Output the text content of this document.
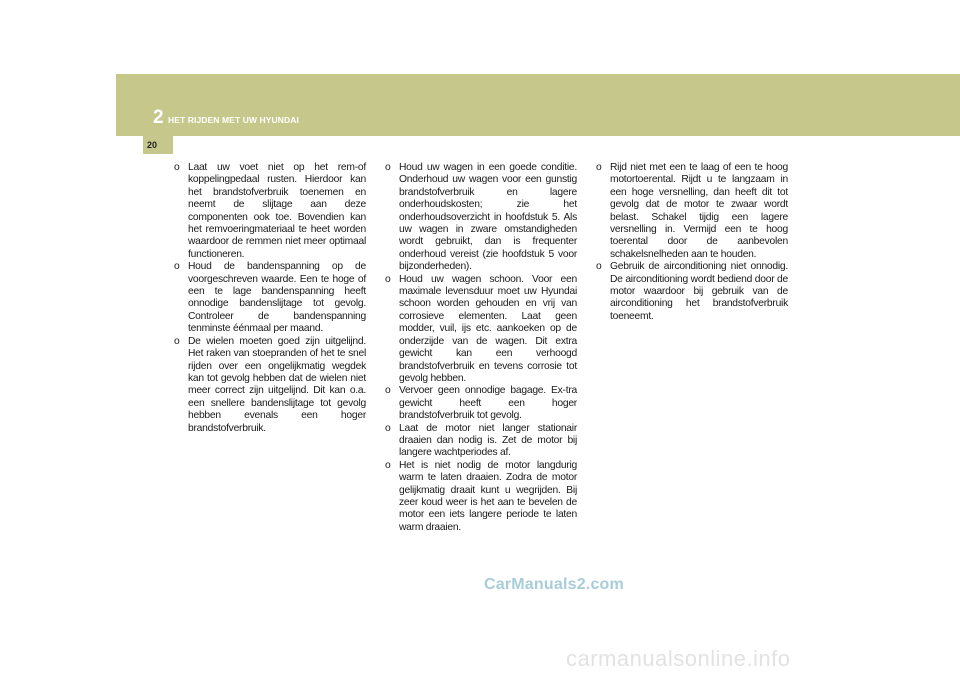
2 HET RIJDEN MET UW HYUNDAI
20
o Laat uw voet niet op het rem-of koppelingpedaal rusten. Hierdoor kan het brandstofverbruik toenemen en neemt de slijtage aan deze componenten ook toe. Bovendien kan het remvoeringmateriaal te heet worden waardoor de remmen niet meer optimaal functioneren.
o Houd de bandenspanning op de voorgeschreven waarde. Een te hoge of een te lage bandenspanning heeft onnodige bandenslijtage tot gevolg. Controleer de bandenspanning tenminste éénmaal per maand.
o De wielen moeten goed zijn uitgelijnd. Het raken van stoepranden of het te snel rijden over een ongelijkmatig wegdek kan tot gevolg hebben dat de wielen niet meer correct zijn uitgelijnd. Dit kan o.a. een snellere bandenslijtage tot gevolg hebben evenals een hoger brandstofverbruik.
o Houd uw wagen in een goede conditie. Onderhoud uw wagen voor een gunstig brandstofverbruik en lagere onderhoudskosten; zie het onderhoudsoverzicht in hoofdstuk 5. Als uw wagen in zware omstandigheden wordt gebruikt, dan is frequenter onderhoud vereist (zie hoofdstuk 5 voor bijzonderheden).
o Houd uw wagen schoon. Voor een maximale levensduur moet uw Hyundai schoon worden gehouden en vrij van corrosieve elementen. Laat geen modder, vuil, ijs etc. aankoeken op de onderzijde van de wagen. Dit extra gewicht kan een verhoogd brandstofverbruik en tevens corrosie tot gevolg hebben.
o Vervoer geen onnodige bagage. Ex-tra gewicht heeft een hoger brandstofverbruik tot gevolg.
o Laat de motor niet langer stationair draaien dan nodig is. Zet de motor bij langere wachtperiodes af.
o Het is niet nodig de motor langdurig warm te laten draaien. Zodra de motor gelijkmatig draait kunt u wegrijden. Bij zeer koud weer is het aan te bevelen de motor een iets langere periode te laten warm draaien.
o Rijd niet met een te laag of een te hoog motortoerental. Rijdt u te langzaam in een hoge versnelling, dan heeft dit tot gevolg dat de motor te zwaar wordt belast. Schakel tijdig een lagere versnelling in. Vermijd een te hoog toerental door de aanbevolen schakelsnelheden aan te houden.
o Gebruik de airconditioning niet onnodig. De airconditioning wordt bediend door de motor waardoor bij gebruik van de airconditioning het brandstofverbruik toeneemt.
CarManuals2.com
carmanualsonline.info
